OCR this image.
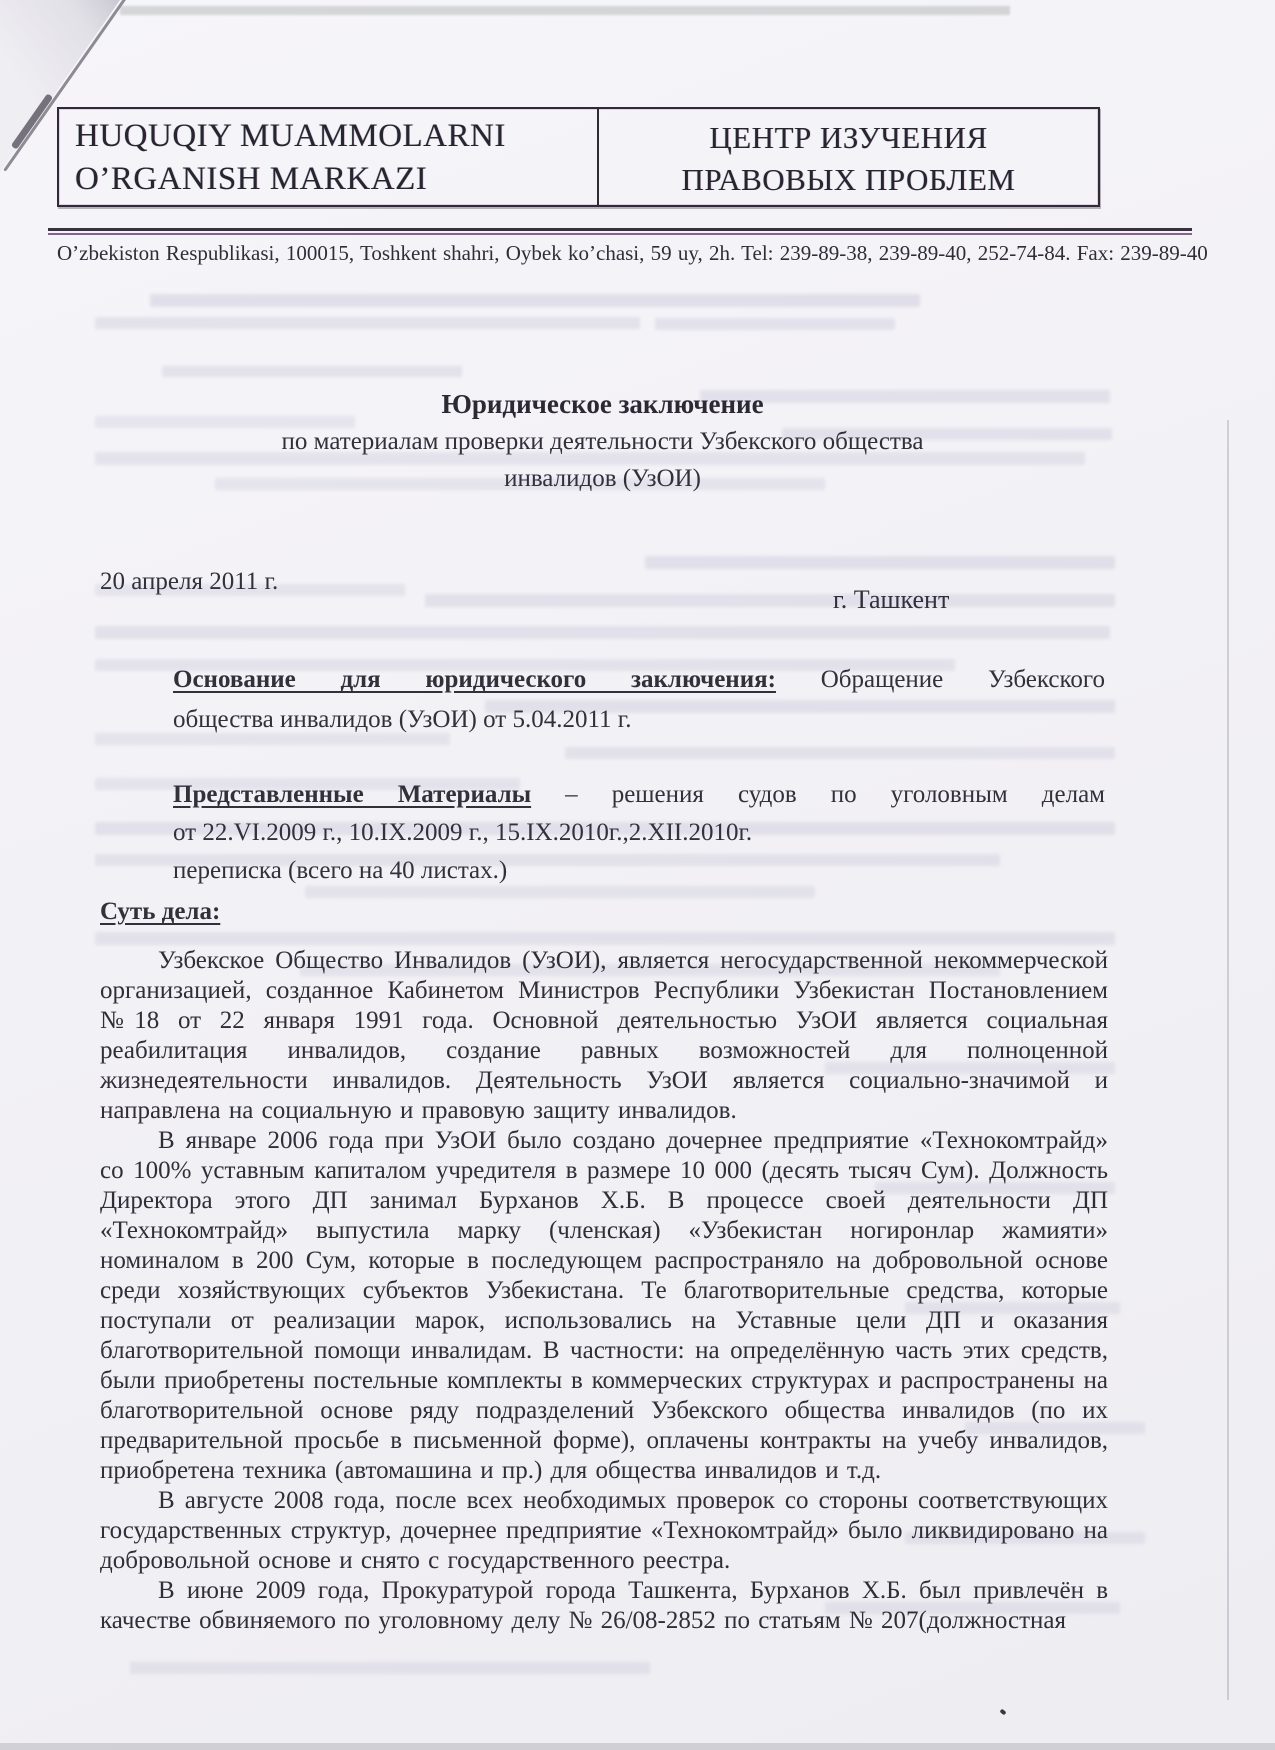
HUQUQIY MUAMMOLARNI
O’RGANISH MARKAZI
ЦЕНТР ИЗУЧЕНИЯ
ПРАВОВЫХ ПРОБЛЕМ
O’zbekiston Respublikasi, 100015, Toshkent shahri, Oybek ko’chasi, 59 uy, 2h. Tel: 239-89-38, 239-89-40, 252-74-84. Fax: 239-89-40
Юридическое заключение
по материалам проверки деятельности Узбекского общества
инвалидов (УзОИ)
20 апреля 2011 г.
г. Ташкент

Основание для юридического заключения: Обращение Узбекского

общества инвалидов (УзОИ) от 5.04.2011 г.

Представленные Материалы – решения судов по уголовным делам

от 22.VI.2009 г., 10.IX.2009 г., 15.IX.2010г.,2.XII.2010г.

переписка (всего на 40 листах.)

Суть дела:

Узбекское Общество Инвалидов (УзОИ), является негосударственной некоммерческой организацией, созданное Кабинетом Министров Республики Узбекистан Постановлением №18 от 22 января 1991 года. Основной деятельностью УзОИ является социальная реабилитация инвалидов, создание равных возможностей для полноценной жизнедеятельности инвалидов. Деятельность УзОИ является социально-значимой и направлена на социальную и правовую защиту инвалидов.

В январе 2006 года при УзОИ было создано дочернее предприятие «Технокомтрайд» со 100% уставным капиталом учредителя в размере 10 000 (десять тысяч Сум). Должность Директора этого ДП занимал Бурханов Х.Б. В процессе своей деятельности ДП «Технокомтрайд» выпустила марку (членская) «Узбекистан ногиронлар жамияти» номиналом в 200 Сум, которые в последующем распространяло на добровольной основе среди хозяйствующих субъектов Узбекистана. Те благотворительные средства, которые поступали от реализации марок, использовались на Уставные цели ДП и оказания благотворительной помощи инвалидам. В частности: на определённую часть этих средств, были приобретены постельные комплекты в коммерческих структурах и распространены на благотворительной основе ряду подразделений Узбекского общества инвалидов (по их предварительной просьбе в письменной форме), оплачены контракты на учебу инвалидов, приобретена техника (автомашина и пр.) для общества инвалидов и т.д.

В августе 2008 года, после всех необходимых проверок со стороны соответствующих государственных структур, дочернее предприятие «Технокомтрайд» было ликвидировано на добровольной основе и снято с государственного реестра.

В июне 2009 года, Прокуратурой города Ташкента, Бурханов Х.Б. был привлечён в качестве обвиняемого по уголовному делу № 26/08-2852 по статьям № 207(должностная
